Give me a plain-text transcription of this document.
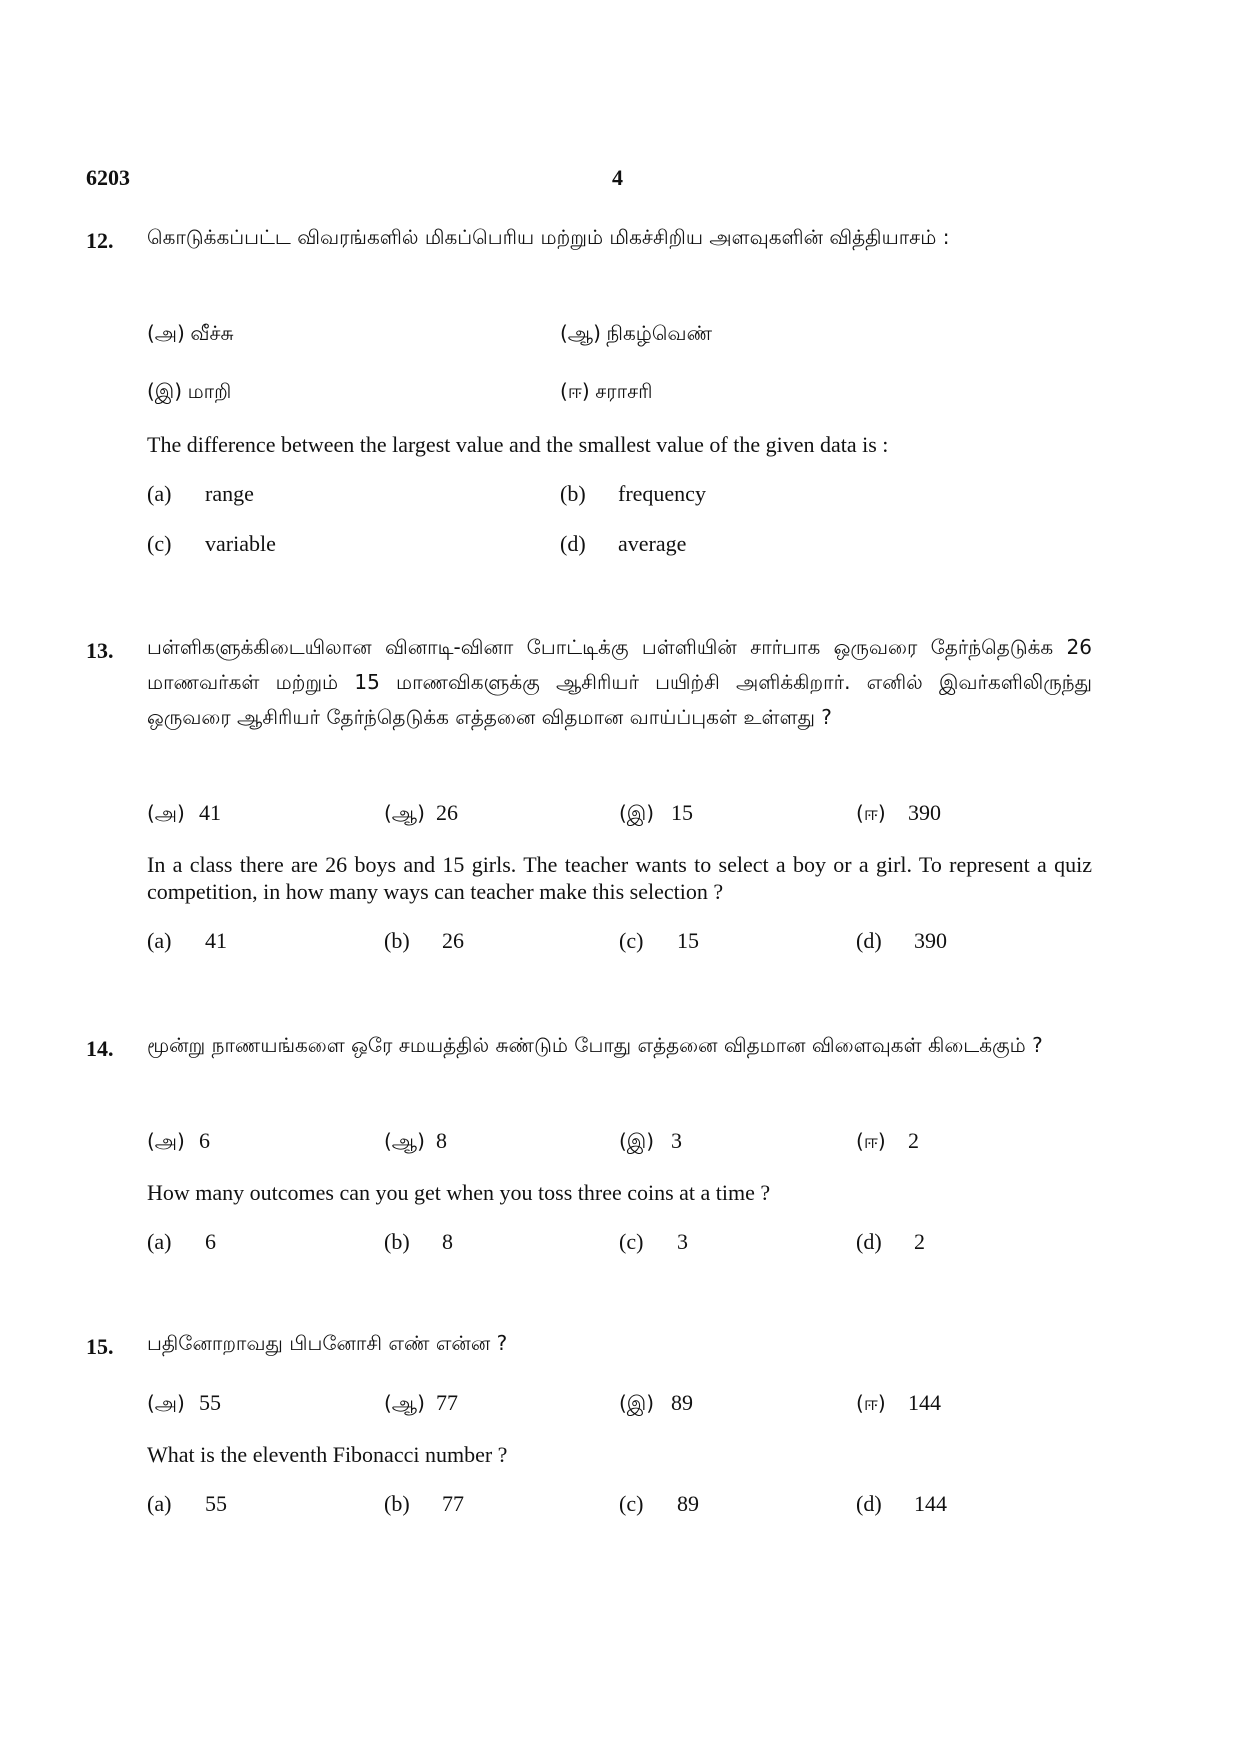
6203	4
12. கொடுக்கப்பட்ட விவரங்களில் மிகப்பெரிய மற்றும் மிகச்சிறிய அளவுகளின் வித்தியாசம் :
(அ) வீச்சு	(ஆ) நிகழ்வெண்
(இ) மாறி	(ஈ) சராசரி
The difference between the largest value and the smallest value of the given data is :
(a) range	(b) frequency
(c) variable	(d) average
13. பள்ளிகளுக்கிடையிலான வினாடி-வினா போட்டிக்கு பள்ளியின் சார்பாக ஒருவரை தேர்ந்தெடுக்க 26 மாணவர்கள் மற்றும் 15 மாணவிகளுக்கு ஆசிரியர் பயிற்சி அளிக்கிறார். எனில் இவர்களிலிருந்து ஒருவரை ஆசிரியர் தேர்ந்தெடுக்க எத்தனை விதமான வாய்ப்புகள் உள்ளது ?
(அ) 41	(ஆ) 26	(இ) 15	(ஈ) 390
In a class there are 26 boys and 15 girls. The teacher wants to select a boy or a girl. To represent a quiz competition, in how many ways can teacher make this selection ?
(a) 41	(b) 26	(c) 15	(d) 390
14. மூன்று நாணயங்களை ஒரே சமயத்தில் சுண்டும் போது எத்தனை விதமான விளைவுகள் கிடைக்கும் ?
(அ) 6	(ஆ) 8	(இ) 3	(ஈ) 2
How many outcomes can you get when you toss three coins at a time ?
(a) 6	(b) 8	(c) 3	(d) 2
15. பதினோறாவது பிபனோசி எண் என்ன ?
(அ) 55	(ஆ) 77	(இ) 89	(ஈ) 144
What is the eleventh Fibonacci number ?
(a) 55	(b) 77	(c) 89	(d) 144
